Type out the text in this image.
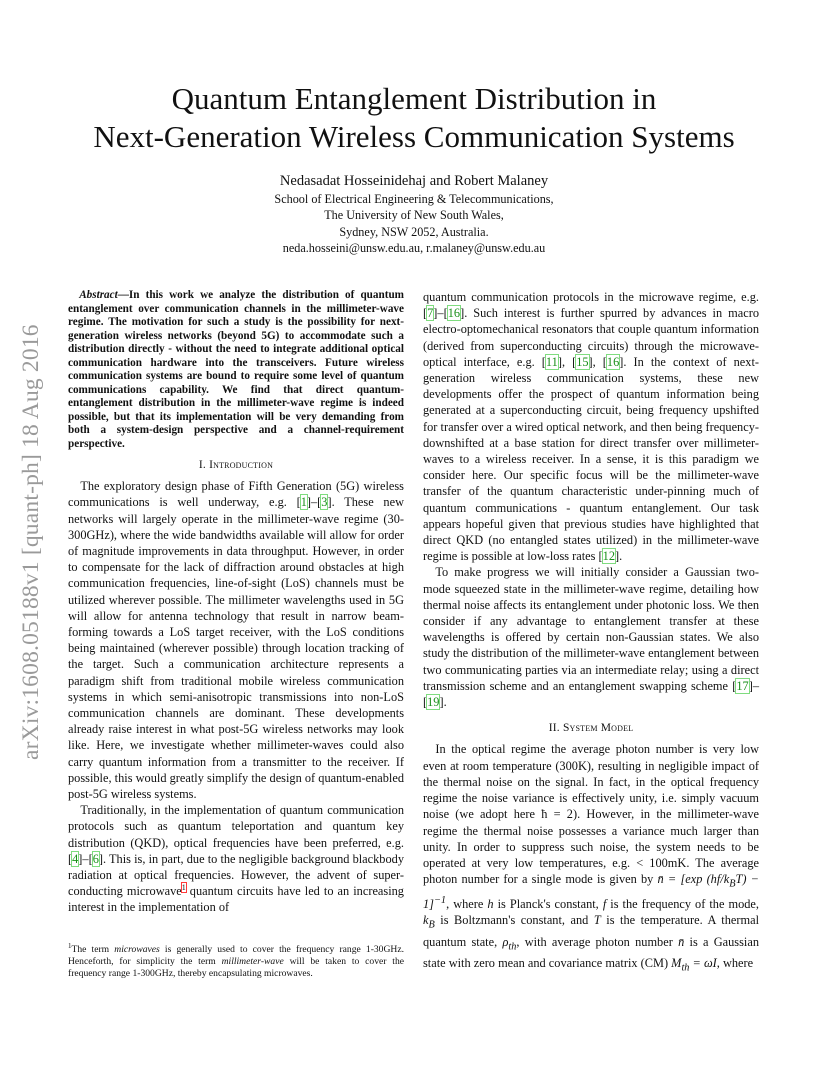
arXiv:1608.05188v1 [quant-ph] 18 Aug 2016
Quantum Entanglement Distribution in
Next-Generation Wireless Communication Systems
Nedasadat Hosseinidehaj and Robert Malaney
School of Electrical Engineering & Telecommunications,
The University of New South Wales,
Sydney, NSW 2052, Australia.
neda.hosseini@unsw.edu.au, r.malaney@unsw.edu.au

Abstract—In this work we analyze the distribution of quantum entanglement over communication channels in the millimeter-wave regime. The motivation for such a study is the possibility for next-generation wireless networks (beyond 5G) to accommodate such a distribution directly - without the need to integrate additional optical communication hardware into the transceivers. Future wireless communication systems are bound to require some level of quantum communications capability. We find that direct quantum-entanglement distribution in the millimeter-wave regime is indeed possible, but that its implementation will be very demanding from both a system-design perspective and a channel-requirement perspective.

I. Introduction

The exploratory design phase of Fifth Generation (5G) wireless communications is well underway, e.g. [ 1 ] – [ 3 ] . These new networks will largely operate in the millimeter-wave regime (30-300GHz), where the wide bandwidths available will allow for order of magnitude improvements in data throughput. However, in order to compensate for the lack of diffraction around obstacles at high communication frequencies, line-of-sight (LoS) channels must be utilized wherever possible. The millimeter wavelengths used in 5G will allow for antenna technology that result in narrow beam-forming towards a LoS target receiver, with the LoS conditions being maintained (wherever possible) through location tracking of the target. Such a communication architecture represents a paradigm shift from traditional mobile wireless communication systems in which semi-anisotropic transmissions into non-LoS communication channels are dominant. These developments already raise interest in what post-5G wireless networks may look like. Here, we investigate whether millimeter-waves could also carry quantum information from a transmitter to the receiver. If possible, this would greatly simplify the design of quantum-enabled post-5G wireless systems.

Traditionally, in the implementation of quantum communication protocols such as quantum teleportation and quantum key distribution (QKD), optical frequencies have been preferred, e.g. [ 4 ] – [ 6 ] . This is, in part, due to the negligible background blackbody radiation at optical frequencies. However, the advent of super-conducting microwave$^1$ quantum circuits have led to an increasing interest in the implementation of

$^1$The term microwaves is generally used to cover the frequency range 1-30GHz. Henceforth, for simplicity the term millimeter-wave will be taken to cover the frequency range 1-300GHz, thereby encapsulating microwaves.

quantum communication protocols in the microwave regime, e.g. [ 7 ] – [ 16 ] . Such interest is further spurred by advances in macro electro-optomechanical resonators that couple quantum information (derived from superconducting circuits) through the microwave-optical interface, e.g. [ 11 ] , [ 15 ] , [ 16 ] . In the context of next-generation wireless communication systems, these new developments offer the prospect of quantum information being generated at a superconducting circuit, being frequency upshifted for transfer over a wired optical network, and then being frequency-downshifted at a base station for direct transfer over millimeter-waves to a wireless receiver. In a sense, it is this paradigm we consider here. Our specific focus will be the millimeter-wave transfer of the quantum characteristic under-pinning much of quantum communications - quantum entanglement. Our task appears hopeful given that previous studies have highlighted that direct QKD (no entangled states utilized) in the millimeter-wave regime is possible at low-loss rates [ 12 ] .

To make progress we will initially consider a Gaussian two-mode squeezed state in the millimeter-wave regime, detailing how thermal noise affects its entanglement under photonic loss. We then consider if any advantage to entanglement transfer at these wavelengths is offered by certain non-Gaussian states. We also study the distribution of the millimeter-wave entanglement between two communicating parties via an intermediate relay; using a direct transmission scheme and an entanglement swapping scheme [ 17 ] –[ 19 ] .

II. System Model

In the optical regime the average photon number is very low even at room temperature (300K), resulting in negligible impact of the thermal noise on the signal. In fact, in the optical frequency regime the noise variance is effectively unity, i.e. simply vacuum noise (we adopt here ħ = 2). However, in the millimeter-wave regime the thermal noise possesses a variance much larger than unity. In order to suppress such noise, the system needs to be operated at very low temperatures, e.g. < 100mK. The average photon number for a single mode is given by n̄ = [exp $(hf/k_BT) - 1]^{-1}$, where h is Planck's constant, f is the frequency of the mode, $k_B$ is Boltzmann's constant, and T is the temperature. A thermal quantum state, $\rho_{th}$, with average photon number n̄ is a Gaussian state with zero mean and covariance matrix (CM) $M_{th} = \omega I$, where
